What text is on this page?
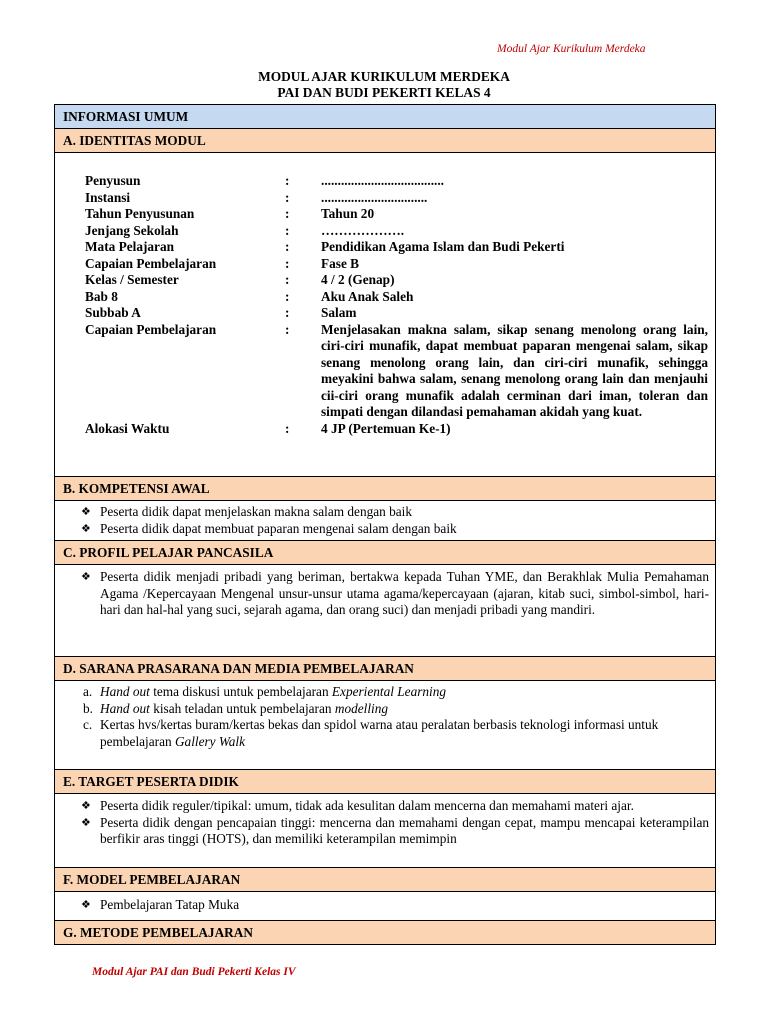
Modul Ajar Kurikulum Merdeka
MODUL AJAR KURIKULUM MERDEKA
PAI DAN BUDI PEKERTI KELAS 4
INFORMASI UMUM
A. IDENTITAS MODUL
Penyusun	:	.....................................
Instansi	:	................................
Tahun Penyusunan	:	Tahun 20
Jenjang Sekolah	:	……………….
Mata Pelajaran	:	Pendidikan Agama Islam dan Budi Pekerti
Capaian Pembelajaran	:	Fase B
Kelas / Semester	:	4 / 2 (Genap)
Bab 8	:	Aku Anak Saleh
Subbab A	:	Salam
Capaian Pembelajaran	:	Menjelasakan makna salam, sikap senang menolong orang lain, ciri-ciri munafik, dapat membuat paparan mengenai salam, sikap senang menolong orang lain, dan ciri-ciri munafik, sehingga meyakini bahwa salam, senang menolong orang lain dan menjauhi cii-ciri orang munafik adalah cerminan dari iman, toleran dan simpati dengan dilandasi pemahaman akidah yang kuat.
Alokasi Waktu	:	4 JP (Pertemuan Ke-1)
B. KOMPETENSI AWAL
❖ Peserta didik dapat menjelaskan makna salam dengan baik
❖ Peserta didik dapat membuat paparan mengenai salam dengan baik
C. PROFIL PELAJAR PANCASILA
❖ Peserta didik menjadi pribadi yang beriman, bertakwa kepada Tuhan YME, dan Berakhlak Mulia Pemahaman Agama /Kepercayaan Mengenal unsur-unsur utama agama/kepercayaan (ajaran, kitab suci, simbol-simbol, hari-hari dan hal-hal yang suci, sejarah agama, dan orang suci) dan menjadi pribadi yang mandiri.
D. SARANA PRASARANA DAN MEDIA PEMBELAJARAN
a. Hand out tema diskusi untuk pembelajaran Experiental Learning
b. Hand out kisah teladan untuk pembelajaran modelling
c. Kertas hvs/kertas buram/kertas bekas dan spidol warna atau peralatan berbasis teknologi informasi untuk pembelajaran Gallery Walk
E. TARGET PESERTA DIDIK
❖ Peserta didik reguler/tipikal: umum, tidak ada kesulitan dalam mencerna dan memahami materi ajar.
❖ Peserta didik dengan pencapaian tinggi: mencerna dan memahami dengan cepat, mampu mencapai keterampilan berfikir aras tinggi (HOTS), dan memiliki keterampilan memimpin
F. MODEL PEMBELAJARAN
❖ Pembelajaran Tatap Muka
G. METODE PEMBELAJARAN
Modul Ajar PAI dan Budi Pekerti Kelas IV
